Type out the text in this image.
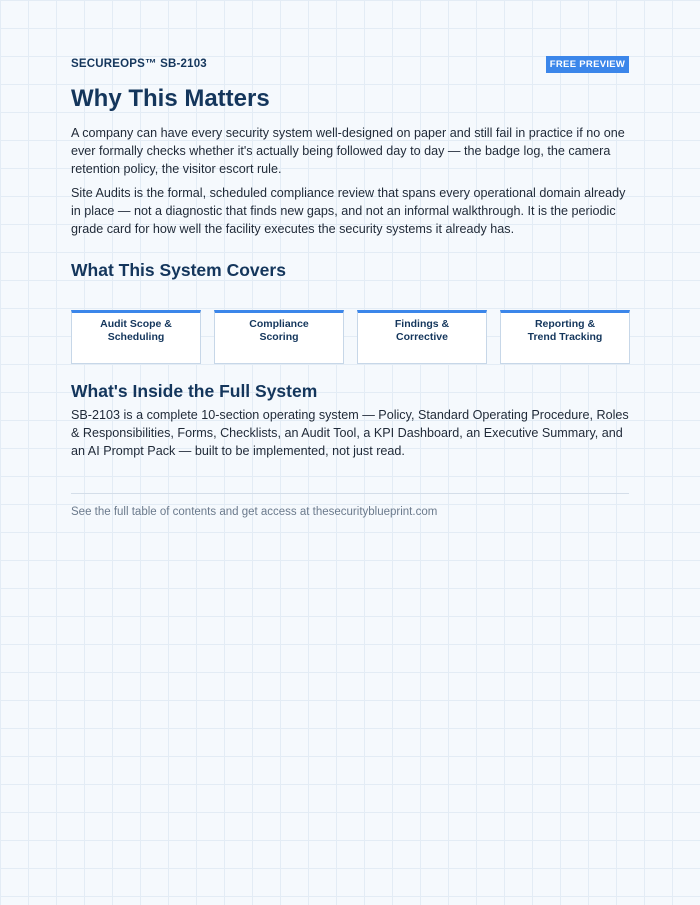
SECUREOPS™ SB-2103	FREE PREVIEW
Why This Matters

A company can have every security system well-designed on paper and still fail in practice if no one ever formally checks whether it's actually being followed day to day — the badge log, the camera retention policy, the visitor escort rule.

Site Audits is the formal, scheduled compliance review that spans every operational domain already in place — not a diagnostic that finds new gaps, and not an informal walkthrough. It is the periodic grade card for how well the facility executes the security systems it already has.

What This System Covers
Audit Scope & Scheduling
Compliance Scoring
Findings & Corrective
Reporting & Trend Tracking
What's Inside the Full System

SB-2103 is a complete 10-section operating system — Policy, Standard Operating Procedure, Roles & Responsibilities, Forms, Checklists, an Audit Tool, a KPI Dashboard, an Executive Summary, and an AI Prompt Pack — built to be implemented, not just read.

See the full table of contents and get access at thesecurityblueprint.com
